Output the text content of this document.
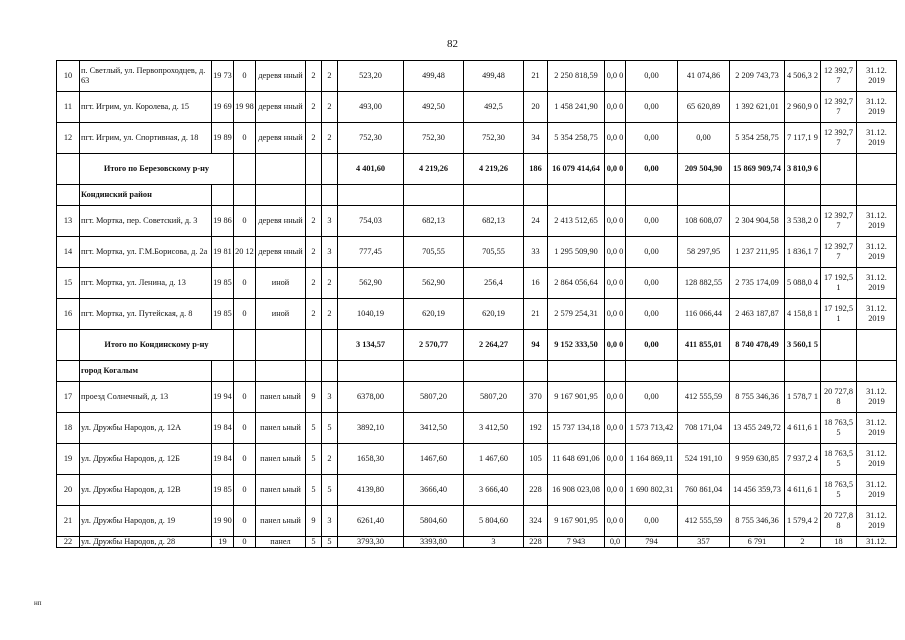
82
10	п. Светлый, ул. Первопроходцев, д. 63	19 73	0	деревя нный	2	2	523,20	499,48	499,48	21	2 250 818,59	0,0 0	0,00	41 074,86	2 209 743,73	4 506,3 2	12 392,7 7	31.12. 2019
11	пгт. Игрим, ул. Королева, д. 15	19 69	19 98	деревя нный	2	2	493,00	492,50	492,5	20	1 458 241,90	0,0 0	0,00	65 620,89	1 392 621,01	2 960,9 0	12 392,7 7	31.12. 2019
12	пгт. Игрим, ул. Спортивная, д. 18	19 89	0	деревя нный	2	2	752,30	752,30	752,30	34	5 354 258,75	0,0 0	0,00	0,00	5 354 258,75	7 117,1 9	12 392,7 7	31.12. 2019
	Итого по Березовскому р-ну						4 401,60	4 219,26	4 219,26	186	16 079 414,64	0,0 0	0,00	209 504,90	15 869 909,74	3 810,9 6		
	Кондинский район																	
13	пгт. Мортка, пер. Советский, д. 3	19 86	0	деревя нный	2	3	754,03	682,13	682,13	24	2 413 512,65	0,0 0	0,00	108 608,07	2 304 904,58	3 538,2 0	12 392,7 7	31.12. 2019
14	пгт. Мортка, ул. Г.М.Борисова, д. 2а	19 81	20 12	деревя нный	2	3	777,45	705,55	705,55	33	1 295 509,90	0,0 0	0,00	58 297,95	1 237 211,95	1 836,1 7	12 392,7 7	31.12. 2019
15	пгт. Мортка, ул. Ленина, д. 13	19 85	0	иной	2	2	562,90	562,90	256,4	16	2 864 056,64	0,0 0	0,00	128 882,55	2 735 174,09	5 088,0 4	17 192,5 1	31.12. 2019
16	пгт. Мортка, ул. Путейская, д. 8	19 85	0	иной	2	2	1040,19	620,19	620,19	21	2 579 254,31	0,0 0	0,00	116 066,44	2 463 187,87	4 158,8 1	17 192,5 1	31.12. 2019
	Итого по Кондинскому р-ну						3 134,57	2 570,77	2 264,27	94	9 152 333,50	0,0 0	0,00	411 855,01	8 740 478,49	3 560,1 5		
	город Когалым																	
17	проезд Солнечный, д. 13	19 94	0	панел ьный	9	3	6378,00	5807,20	5807,20	370	9 167 901,95	0,0 0	0,00	412 555,59	8 755 346,36	1 578,7 1	20 727,8 8	31.12. 2019
18	ул. Дружбы Народов, д. 12А	19 84	0	панел ьный	5	5	3892,10	3412,50	3 412,50	192	15 737 134,18	0,0 0	1 573 713,42	708 171,04	13 455 249,72	4 611,6 1	18 763,5 5	31.12. 2019
19	ул. Дружбы Народов, д. 12Б	19 84	0	панел ьный	5	2	1658,30	1467,60	1 467,60	105	11 648 691,06	0,0 0	1 164 869,11	524 191,10	9 959 630,85	7 937,2 4	18 763,5 5	31.12. 2019
20	ул. Дружбы Народов, д. 12В	19 85	0	панел ьный	5	5	4139,80	3666,40	3 666,40	228	16 908 023,08	0,0 0	1 690 802,31	760 861,04	14 456 359,73	4 611,6 1	18 763,5 5	31.12. 2019
21	ул. Дружбы Народов, д. 19	19 90	0	панел ьный	9	3	6261,40	5804,60	5 804,60	324	9 167 901,95	0,0 0	0,00	412 555,59	8 755 346,36	1 579,4 2	20 727,8 8	31.12. 2019
22	ул. Дружбы Народов, д. 28	19	0	панел	5	5	3793,30	3393,80	3	228	7 943	0,0	794	357	6 791	2	18	31.12.
нп
